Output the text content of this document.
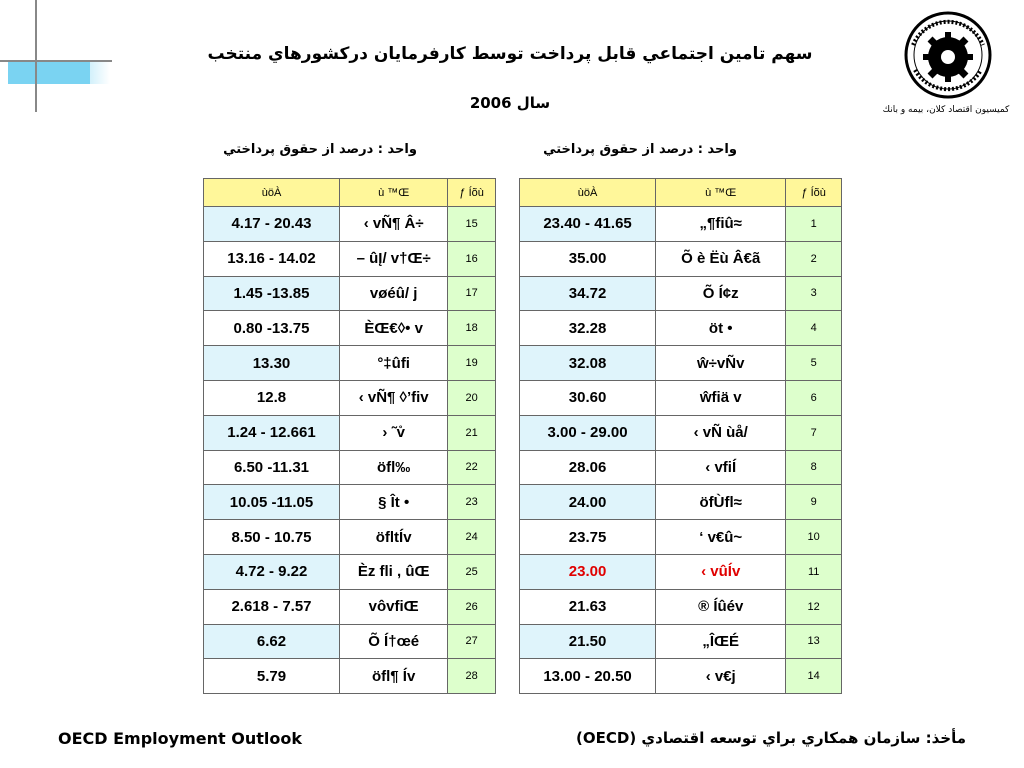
سهم تامين اجتماعي قابل پرداخت توسط كارفرمايان دركشورهاي منتخب
سال 2006	كميسيون اقتصاد كلان، بيمه و بانك
واحد : درصد از حقوق پرداختي	واحد : درصد از حقوق پرداختي
ùöÀ	ù ™Œ	ƒ Íõù
4.17 - 20.43	‹ vÑ¶ Â÷	15
13.16 - 14.02	– ûĮ/ v†Œ÷	16
1.45 -13.85	vøéû/ j	17
0.80 -13.75	ÈŒ€◊• v	18
13.30	°‡ûfi	19
12.8	‹ vÑ¶ ◊’fiv	20
1.24 - 12.661	› ˜v̊	21
6.50 -11.31	öfl‰	22
10.05 -11.05	§ Ît •	23
8.50 - 10.75	öfltÍv	24
4.72 - 9.22	Èz fli , ûŒ	25
2.618 - 7.57	vôvfiŒ	26
6.62	Õ Í†œé	27
5.79	öfl¶ Ív	28
ùöÀ	ù ™Œ	ƒ Íõù
23.40 - 41.65	„¶fiû≈	1
35.00	Õ è Ëù Â€ã	2
34.72	Õ Í¢z	3
32.28	öt •	4
32.08	ŵ÷vÑv	5
30.60	ŵfiä v	6
3.00 - 29.00	‹ vÑ ùå/	7
28.06	‹ vfiÍ	8
24.00	öfÙfl≈	9
23.75	‘ v€û~	10
23.00	‹ vûÍv	11
21.63	® Íûév	12
21.50	„ÎŒÉ	13
13.00 - 20.50	‹ v€j	14
OECD Employment Outlook	مأخذ: سازمان همكاري براي توسعه اقتصادي (OECD)
